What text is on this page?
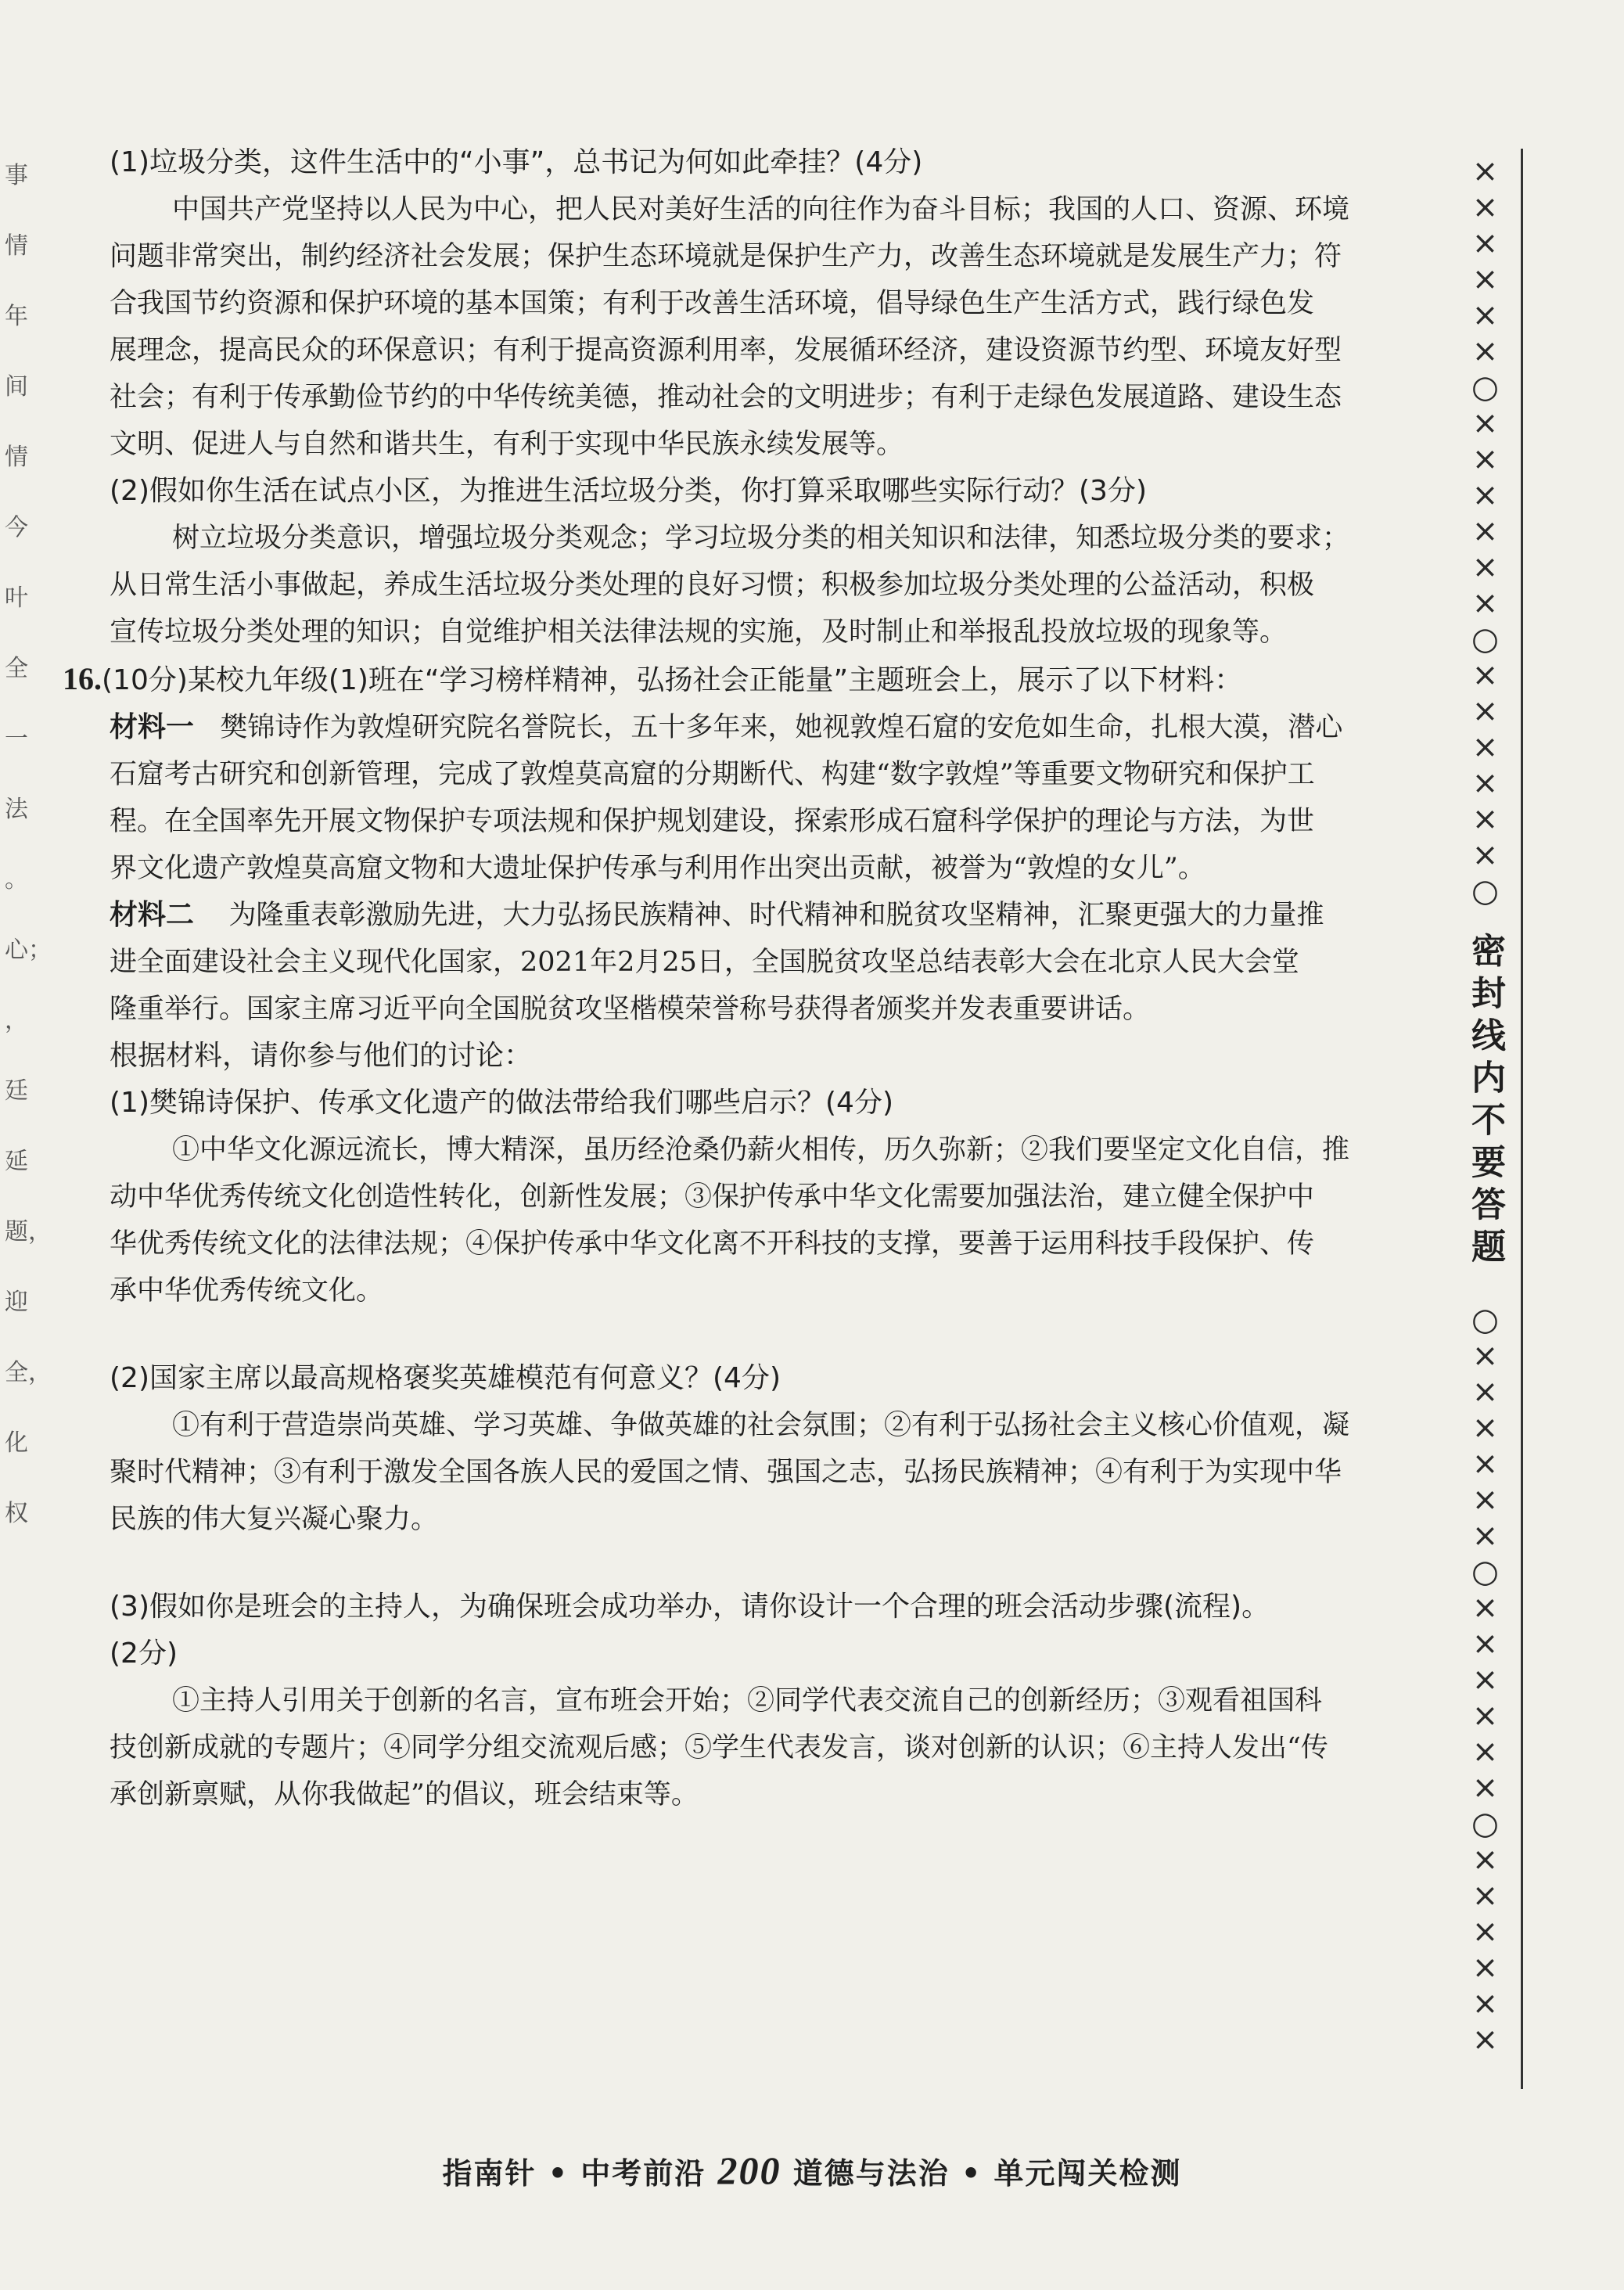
事情年间情今 叶全一法 。心； ， 廷延 题，迎 全， 化权

(1)垃圾分类，这件生活中的“小事”，总书记为何如此牵挂？(4分)

中国共产党坚持以人民为中心，把人民对美好生活的向往作为奋斗目标；我国的人口、资源、环境

问题非常突出，制约经济社会发展；保护生态环境就是保护生产力，改善生态环境就是发展生产力；符

合我国节约资源和保护环境的基本国策；有利于改善生活环境，倡导绿色生产生活方式，践行绿色发

展理念，提高民众的环保意识；有利于提高资源利用率，发展循环经济，建设资源节约型、环境友好型

社会；有利于传承勤俭节约的中华传统美德，推动社会的文明进步；有利于走绿色发展道路、建设生态

文明、促进人与自然和谐共生，有利于实现中华民族永续发展等。

(2)假如你生活在试点小区，为推进生活垃圾分类，你打算采取哪些实际行动？(3分)

树立垃圾分类意识，增强垃圾分类观念；学习垃圾分类的相关知识和法律，知悉垃圾分类的要求；

从日常生活小事做起，养成生活垃圾分类处理的良好习惯；积极参加垃圾分类处理的公益活动，积极

宣传垃圾分类处理的知识；自觉维护相关法律法规的实施，及时制止和举报乱投放垃圾的现象等。

16.(10分)某校九年级(1)班在“学习榜样精神，弘扬社会正能量”主题班会上，展示了以下材料：

材料一 樊锦诗作为敦煌研究院名誉院长，五十多年来，她视敦煌石窟的安危如生命，扎根大漠，潜心

石窟考古研究和创新管理，完成了敦煌莫高窟的分期断代、构建“数字敦煌”等重要文物研究和保护工

程。在全国率先开展文物保护专项法规和保护规划建设，探索形成石窟科学保护的理论与方法，为世

界文化遗产敦煌莫高窟文物和大遗址保护传承与利用作出突出贡献，被誉为“敦煌的女儿”。

材料二 为隆重表彰激励先进，大力弘扬民族精神、时代精神和脱贫攻坚精神，汇聚更强大的力量推

进全面建设社会主义现代化国家，2021年2月25日，全国脱贫攻坚总结表彰大会在北京人民大会堂

隆重举行。国家主席习近平向全国脱贫攻坚楷模荣誉称号获得者颁奖并发表重要讲话。

根据材料，请你参与他们的讨论：

(1)樊锦诗保护、传承文化遗产的做法带给我们哪些启示？(4分)

①中华文化源远流长，博大精深，虽历经沧桑仍薪火相传，历久弥新；②我们要坚定文化自信，推

动中华优秀传统文化创造性转化，创新性发展；③保护传承中华文化需要加强法治，建立健全保护中

华优秀传统文化的法律法规；④保护传承中华文化离不开科技的支撑，要善于运用科技手段保护、传

承中华优秀传统文化。

(2)国家主席以最高规格褒奖英雄模范有何意义？(4分)

①有利于营造崇尚英雄、学习英雄、争做英雄的社会氛围；②有利于弘扬社会主义核心价值观，凝

聚时代精神；③有利于激发全国各族人民的爱国之情、强国之志，弘扬民族精神；④有利于为实现中华

民族的伟大复兴凝心聚力。

(3)假如你是班会的主持人，为确保班会成功举办，请你设计一个合理的班会活动步骤(流程)。

(2分)

①主持人引用关于创新的名言，宣布班会开始；②同学代表交流自己的创新经历；③观看祖国科

技创新成就的专题片；④同学分组交流观后感；⑤学生代表发言，谈对创新的认识；⑥主持人发出“传

承创新禀赋，从你我做起”的倡议，班会结束等。

××××××○××××××○××××××○
密封线内不要答题
○××××××○××××××○××××××
指南针 • 中考前沿 200 道德与法治 • 单元闯关检测
